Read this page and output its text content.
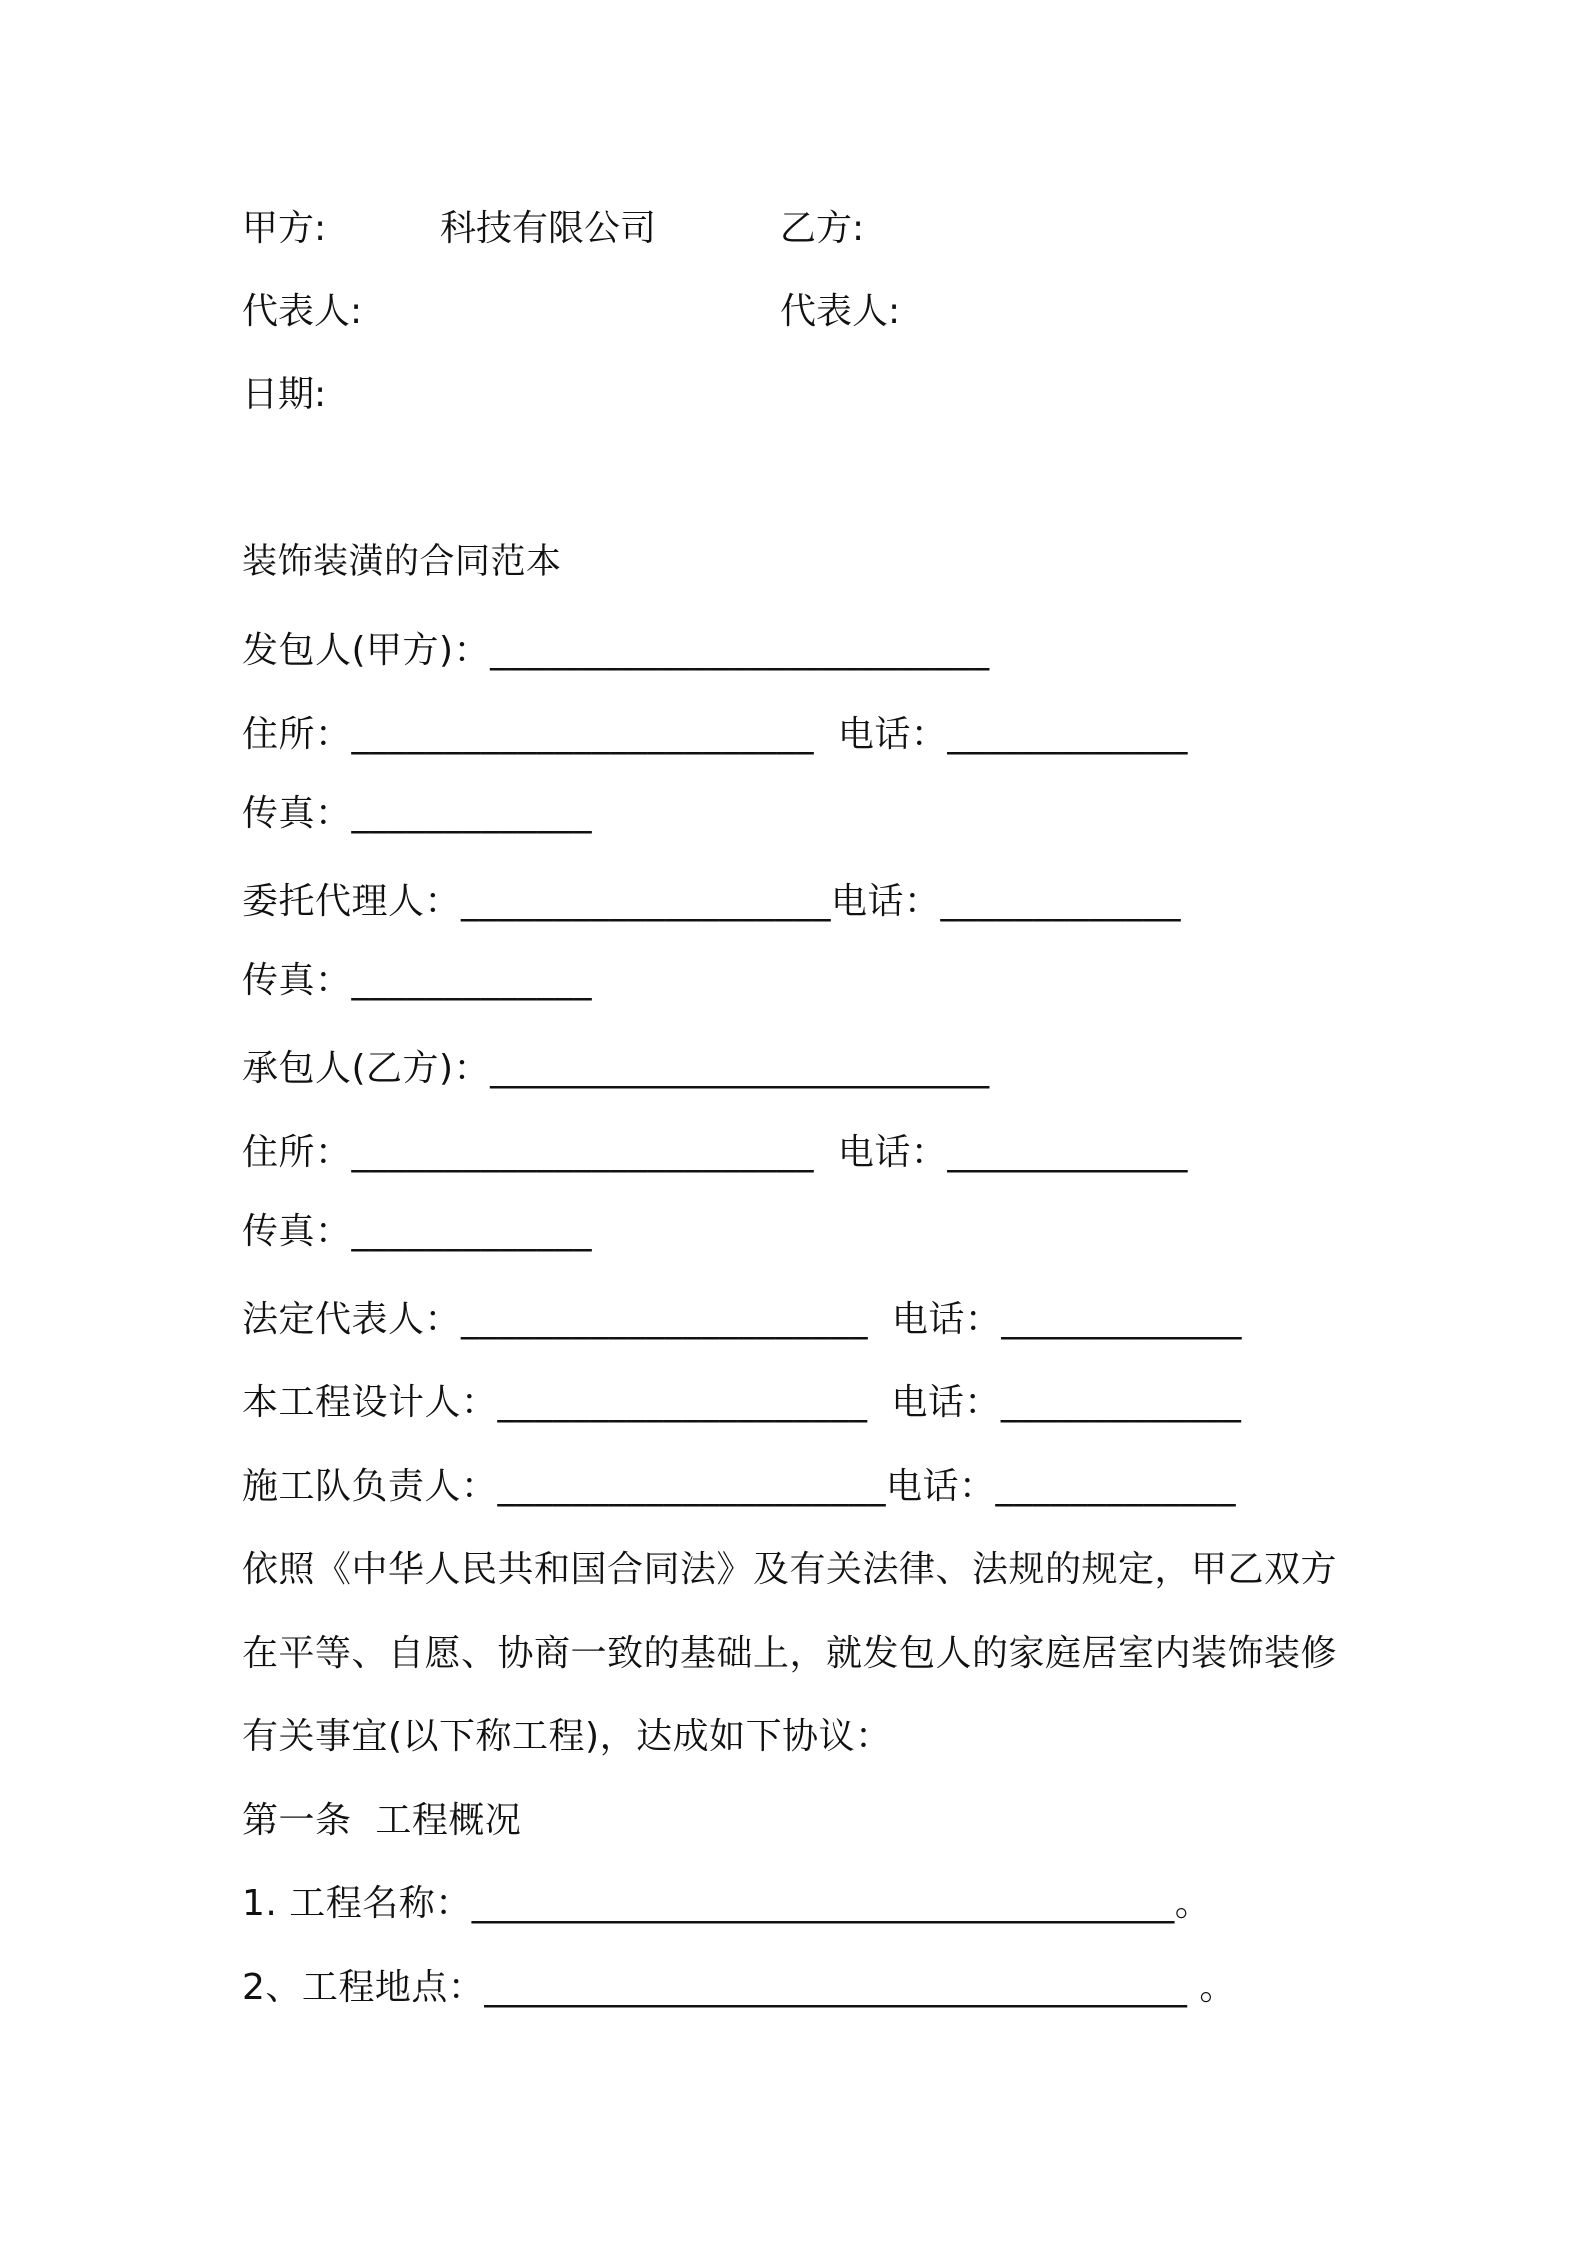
甲方:	科技有限公司	乙方:
代表人:	代表人:
日期:
装饰装潢的合同范本
发包人(甲方)：___________________________
住所：_________________________  电话：_____________
传真：_____________
委托代理人：____________________电话：_____________
传真：_____________
承包人(乙方)：___________________________
住所：_________________________  电话：_____________
传真：_____________
法定代表人：______________________  电话：_____________
本工程设计人：____________________  电话：_____________
施工队负责人：_____________________电话：_____________
依照《中华人民共和国合同法》及有关法律、法规的规定，甲乙双方
在平等、自愿、协商一致的基础上，就发包人的家庭居室内装饰装修
有关事宜(以下称工程)，达成如下协议：
第一条  工程概况
1. 工程名称：______________________________________。
2、工程地点：______________________________________ 。
